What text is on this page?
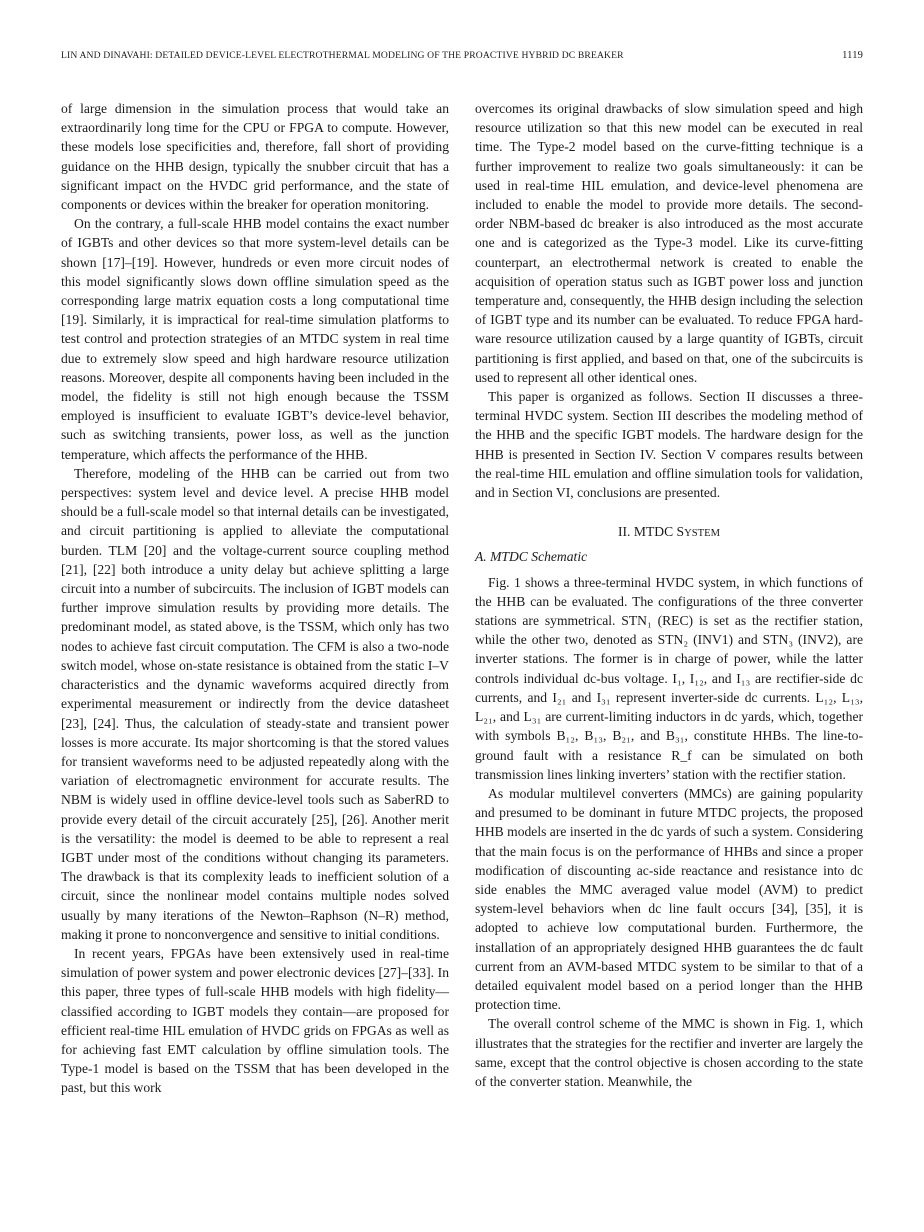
LIN AND DINAVAHI: DETAILED DEVICE-LEVEL ELECTROTHERMAL MODELING OF THE PROACTIVE HYBRID DC BREAKER	1119

of large dimension in the simulation process that would take an extraordinarily long time for the CPU or FPGA to compute. However, these models lose specificities and, therefore, fall short of providing guidance on the HHB design, typically the snubber circuit that has a significant impact on the HVDC grid performance, and the state of components or devices within the breaker for operation monitoring.

On the contrary, a full-scale HHB model contains the exact number of IGBTs and other devices so that more system-level details can be shown [17]–[19]. However, hundreds or even more circuit nodes of this model significantly slows down offline simulation speed as the corresponding large matrix equation costs a long computational time [19]. Similarly, it is impractical for real-time simulation platforms to test control and protection strategies of an MTDC system in real time due to extremely slow speed and high hardware resource utilization reasons. Moreover, despite all components having been included in the model, the fidelity is still not high enough because the TSSM employed is insufficient to evaluate IGBT’s device-level behavior, such as switching transients, power loss, as well as the junction temperature, which affects the performance of the HHB.

Therefore, modeling of the HHB can be carried out from two perspectives: system level and device level. A precise HHB model should be a full-scale model so that internal details can be investigated, and circuit partitioning is applied to alleviate the computational burden. TLM [20] and the voltage-current source coupling method [21], [22] both introduce a unity delay but achieve splitting a large circuit into a number of subcircuits. The inclusion of IGBT models can further improve simulation results by providing more details. The predominant model, as stated above, is the TSSM, which only has two nodes to achieve fast circuit computation. The CFM is also a two-node switch model, whose on-state resistance is obtained from the static I–V characteristics and the dynamic waveforms acquired directly from experimental measurement or indirectly from the device datasheet [23], [24]. Thus, the calculation of steady-state and transient power losses is more accurate. Its major shortcoming is that the stored values for transient waveforms need to be adjusted repeatedly along with the variation of electromagnetic environment for accurate results. The NBM is widely used in offline device-level tools such as SaberRD to provide every detail of the circuit accurately [25], [26]. Another merit is the versatility: the model is deemed to be able to represent a real IGBT under most of the conditions without changing its parameters. The drawback is that its complexity leads to inefficient solution of a circuit, since the nonlinear model contains multiple nodes solved usually by many iterations of the Newton–Raphson (N–R) method, making it prone to nonconvergence and sensitive to initial conditions.

In recent years, FPGAs have been extensively used in real-time simulation of power system and power electronic devices [27]–[33]. In this paper, three types of full-scale HHB models with high fidelity—classified according to IGBT models they contain—are proposed for efficient real-time HIL emulation of HVDC grids on FPGAs as well as for achieving fast EMT calculation by offline simulation tools. The Type-1 model is based on the TSSM that has been developed in the past, but this work

overcomes its original drawbacks of slow simulation speed and high resource utilization so that this new model can be executed in real time. The Type-2 model based on the curve-fitting technique is a further improvement to realize two goals simultaneously: it can be used in real-time HIL emulation, and device-level phenomena are included to enable the model to provide more details. The second-order NBM-based dc breaker is also introduced as the most accurate one and is categorized as the Type-3 model. Like its curve-fitting counterpart, an electrothermal network is created to enable the acquisition of operation status such as IGBT power loss and junction temperature and, consequently, the HHB design including the selection of IGBT type and its number can be evaluated. To reduce FPGA hardware resource utilization caused by a large quantity of IGBTs, circuit partitioning is first applied, and based on that, one of the subcircuits is used to represent all other identical ones.

This paper is organized as follows. Section II discusses a three-terminal HVDC system. Section III describes the modeling method of the HHB and the specific IGBT models. The hardware design for the HHB is presented in Section IV. Section V compares results between the real-time HIL emulation and offline simulation tools for validation, and in Section VI, conclusions are presented.

II. MTDC SYSTEM
A. MTDC Schematic

Fig. 1 shows a three-terminal HVDC system, in which functions of the HHB can be evaluated. The configurations of the three converter stations are symmetrical. STN₁ (REC) is set as the rectifier station, while the other two, denoted as STN₂ (INV1) and STN₃ (INV2), are inverter stations. The former is in charge of power, while the latter controls individual dc-bus voltage. I₁, I₁₂, and I₁₃ are rectifier-side dc currents, and I₂₁ and I₃₁ represent inverter-side dc currents. L₁₂, L₁₃, L₂₁, and L₃₁ are current-limiting inductors in dc yards, which, together with symbols B₁₂, B₁₃, B₂₁, and B₃₁, constitute HHBs. The line-to-ground fault with a resistance R_f can be simulated on both transmission lines linking inverters’ station with the rectifier station.

As modular multilevel converters (MMCs) are gaining popularity and presumed to be dominant in future MTDC projects, the proposed HHB models are inserted in the dc yards of such a system. Considering that the main focus is on the performance of HHBs and since a proper modification of discounting ac-side reactance and resistance into dc side enables the MMC averaged value model (AVM) to predict system-level behaviors when dc line fault occurs [34], [35], it is adopted to achieve low computational burden. Furthermore, the installation of an appropriately designed HHB guarantees the dc fault current from an AVM-based MTDC system to be similar to that of a detailed equivalent model based on a period longer than the HHB protection time.

The overall control scheme of the MMC is shown in Fig. 1, which illustrates that the strategies for the rectifier and inverter are largely the same, except that the control objective is chosen according to the state of the converter station. Meanwhile, the
